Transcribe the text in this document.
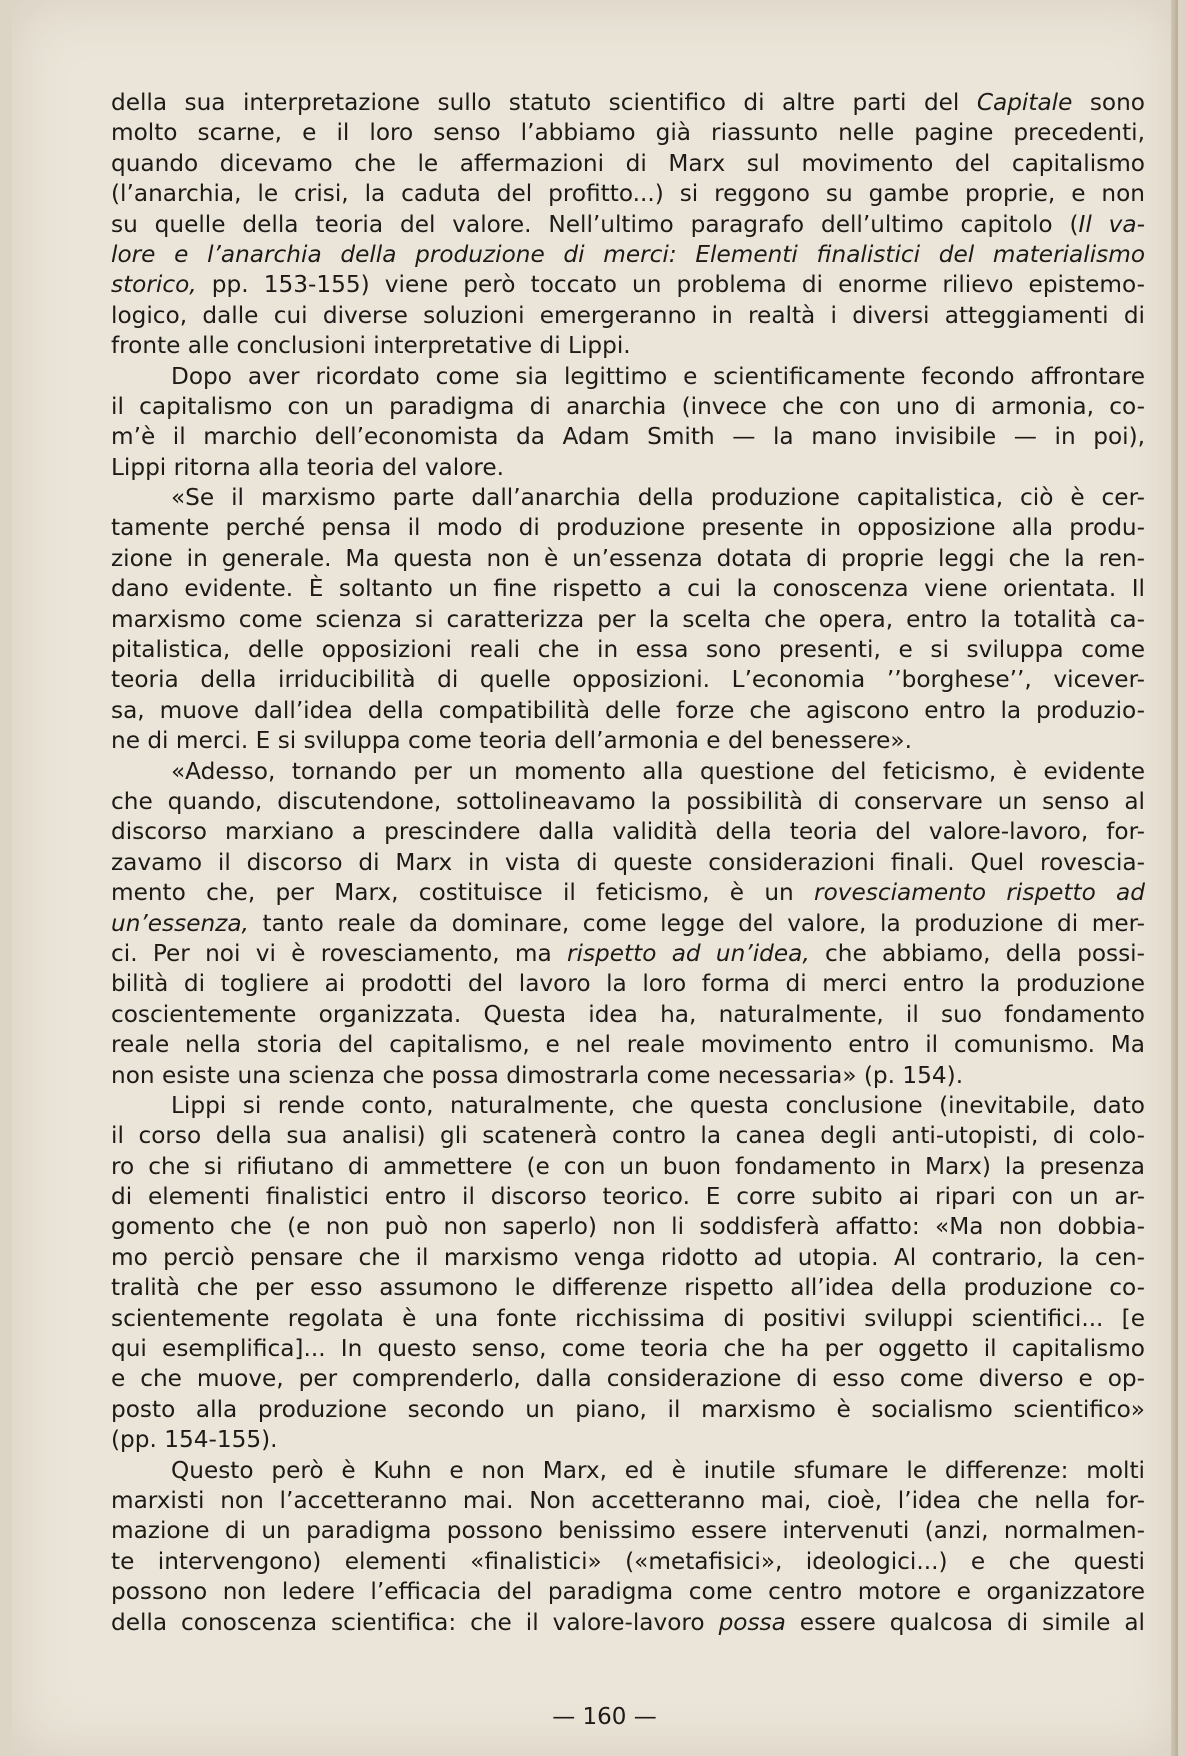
della sua interpretazione sullo statuto scientifico di altre parti del Capitale sono
molto scarne, e il loro senso l’abbiamo già riassunto nelle pagine precedenti,
quando dicevamo che le affermazioni di Marx sul movimento del capitalismo
(l’anarchia, le crisi, la caduta del profitto...) si reggono su gambe proprie, e non
su quelle della teoria del valore. Nell’ultimo paragrafo dell’ultimo capitolo (Il va-
lore e l’anarchia della produzione di merci: Elementi finalistici del materialismo
storico, pp. 153-155) viene però toccato un problema di enorme rilievo epistemo-
logico, dalle cui diverse soluzioni emergeranno in realtà i diversi atteggiamenti di
fronte alle conclusioni interpretative di Lippi.
Dopo aver ricordato come sia legittimo e scientificamente fecondo affrontare
il capitalismo con un paradigma di anarchia (invece che con uno di armonia, co-
m’è il marchio dell’economista da Adam Smith — la mano invisibile — in poi),
Lippi ritorna alla teoria del valore.
«Se il marxismo parte dall’anarchia della produzione capitalistica, ciò è cer-
tamente perché pensa il modo di produzione presente in opposizione alla produ-
zione in generale. Ma questa non è un’essenza dotata di proprie leggi che la ren-
dano evidente. È soltanto un fine rispetto a cui la conoscenza viene orientata. Il
marxismo come scienza si caratterizza per la scelta che opera, entro la totalità ca-
pitalistica, delle opposizioni reali che in essa sono presenti, e si sviluppa come
teoria della irriducibilità di quelle opposizioni. L’economia ’’borghese’’, vicever-
sa, muove dall’idea della compatibilità delle forze che agiscono entro la produzio-
ne di merci. E si sviluppa come teoria dell’armonia e del benessere».
«Adesso, tornando per un momento alla questione del feticismo, è evidente
che quando, discutendone, sottolineavamo la possibilità di conservare un senso al
discorso marxiano a prescindere dalla validità della teoria del valore-lavoro, for-
zavamo il discorso di Marx in vista di queste considerazioni finali. Quel rovescia-
mento che, per Marx, costituisce il feticismo, è un rovesciamento rispetto ad
un’essenza, tanto reale da dominare, come legge del valore, la produzione di mer-
ci. Per noi vi è rovesciamento, ma rispetto ad un’idea, che abbiamo, della possi-
bilità di togliere ai prodotti del lavoro la loro forma di merci entro la produzione
coscientemente organizzata. Questa idea ha, naturalmente, il suo fondamento
reale nella storia del capitalismo, e nel reale movimento entro il comunismo. Ma
non esiste una scienza che possa dimostrarla come necessaria» (p. 154).
Lippi si rende conto, naturalmente, che questa conclusione (inevitabile, dato
il corso della sua analisi) gli scatenerà contro la canea degli anti-utopisti, di colo-
ro che si rifiutano di ammettere (e con un buon fondamento in Marx) la presenza
di elementi finalistici entro il discorso teorico. E corre subito ai ripari con un ar-
gomento che (e non può non saperlo) non li soddisferà affatto: «Ma non dobbia-
mo perciò pensare che il marxismo venga ridotto ad utopia. Al contrario, la cen-
tralità che per esso assumono le differenze rispetto all’idea della produzione co-
scientemente regolata è una fonte ricchissima di positivi sviluppi scientifici... [e
qui esemplifica]... In questo senso, come teoria che ha per oggetto il capitalismo
e che muove, per comprenderlo, dalla considerazione di esso come diverso e op-
posto alla produzione secondo un piano, il marxismo è socialismo scientifico»
(pp. 154-155).
Questo però è Kuhn e non Marx, ed è inutile sfumare le differenze: molti
marxisti non l’accetteranno mai. Non accetteranno mai, cioè, l’idea che nella for-
mazione di un paradigma possono benissimo essere intervenuti (anzi, normalmen-
te intervengono) elementi «finalistici» («metafisici», ideologici...) e che questi
possono non ledere l’efficacia del paradigma come centro motore e organizzatore
della conoscenza scientifica: che il valore-lavoro possa essere qualcosa di simile al
— 160 —
